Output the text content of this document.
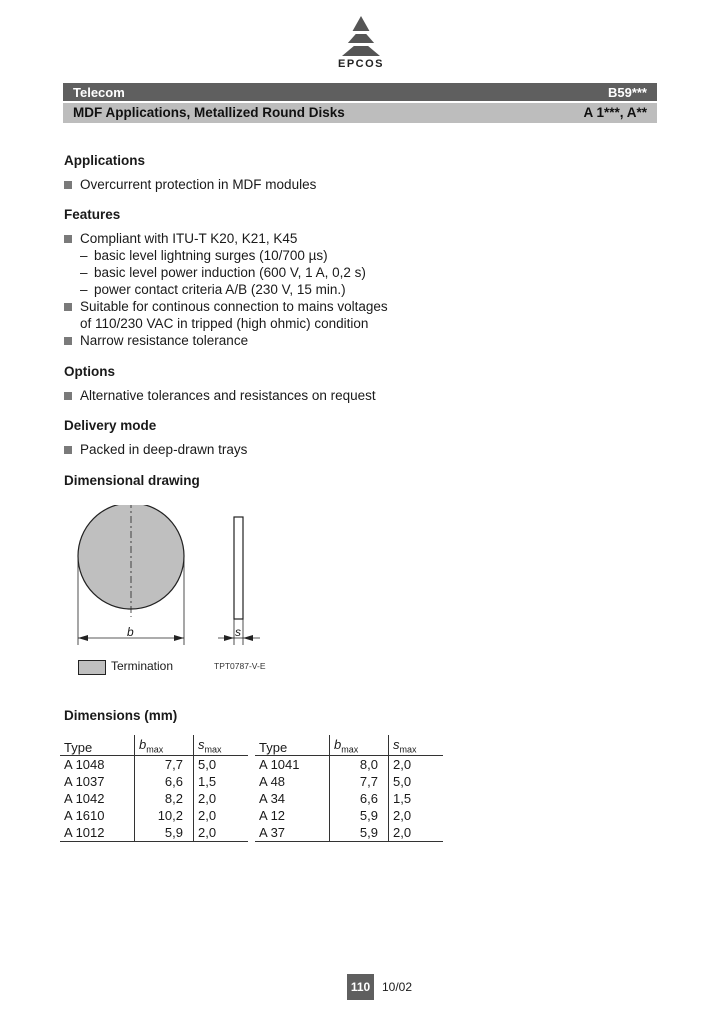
EPCOS
Telecom	B59***
MDF Applications, Metallized Round Disks	A 1***, A**
Applications
Overcurrent protection in MDF modules
Features
Compliant with ITU-T K20, K21, K45
– basic level lightning surges (10/700 µs)
– basic level power induction (600 V, 1 A, 0,2 s)
– power contact criteria A/B (230 V, 15 min.)
Suitable for continous connection to mains voltages
of 110/230 VAC in tripped (high ohmic) condition
Narrow resistance tolerance
Options
Alternative tolerances and resistances on request
Delivery mode
Packed in deep-drawn trays
Dimensional drawing
b	s
Termination	TPT0787-V-E
Dimensions (mm)
Type	$b_{max}$	$s_{max}$
A 1048	7,7	5,0
A 1037	6,6	1,5
A 1042	8,2	2,0
A 1610	10,2	2,0
A 1012	5,9	2,0
Type	$b_{max}$	$s_{max}$
A 1041	8,0	2,0
A 48	7,7	5,0
A 34	6,6	1,5
A 12	5,9	2,0
A 37	5,9	2,0
110 10/02
